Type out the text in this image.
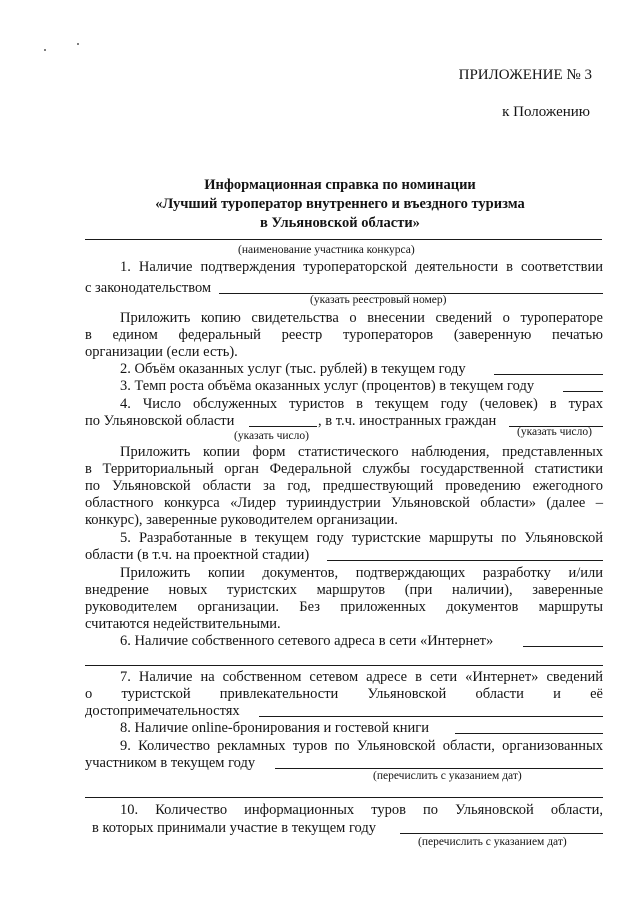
ПРИЛОЖЕНИЕ № 3
к Положению
Информационная справка по номинации
«Лучший туроператор внутреннего и въездного туризма
в Ульяновской области»
(наименование участника конкурса)
1. Наличие подтверждения туроператорской деятельности в соответствии
с законодательством
(указать реестровый номер)
Приложить копию свидетельства о внесении сведений о туроператоре
в едином федеральный реестр туроператоров (заверенную печатью
организации (если есть).
2. Объём оказанных услуг (тыс. рублей) в текущем году
3. Темп роста объёма оказанных услуг (процентов) в текущем году
4. Число обслуженных туристов в текущем году (человек) в турах
по Ульяновской области	, в т.ч. иностранных граждан
(указать число)	(указать число)
Приложить копии форм статистического наблюдения, представленных
в Территориальный орган Федеральной службы государственной статистики
по Ульяновской области за год, предшествующий проведению ежегодного
областного конкурса «Лидер турииндустрии Ульяновской области» (далее –
конкурс), заверенные руководителем организации.
5. Разработанные в текущем году туристские маршруты по Ульяновской
области (в т.ч. на проектной стадии)
Приложить копии документов, подтверждающих разработку и/или
внедрение новых туристских маршрутов (при наличии), заверенные
руководителем организации. Без приложенных документов маршруты
считаются недействительными.
6. Наличие собственного сетевого адреса в сети «Интернет»
7. Наличие на собственном сетевом адресе в сети «Интернет» сведений
о туристской привлекательности Ульяновской области и её
достопримечательностях
8. Наличие online-бронирования и гостевой книги
9. Количество рекламных туров по Ульяновской области, организованных
участником в текущем году
(перечислить с указанием дат)
10. Количество информационных туров по Ульяновской области,
в которых принимали участие в текущем году
(перечислить с указанием дат)
